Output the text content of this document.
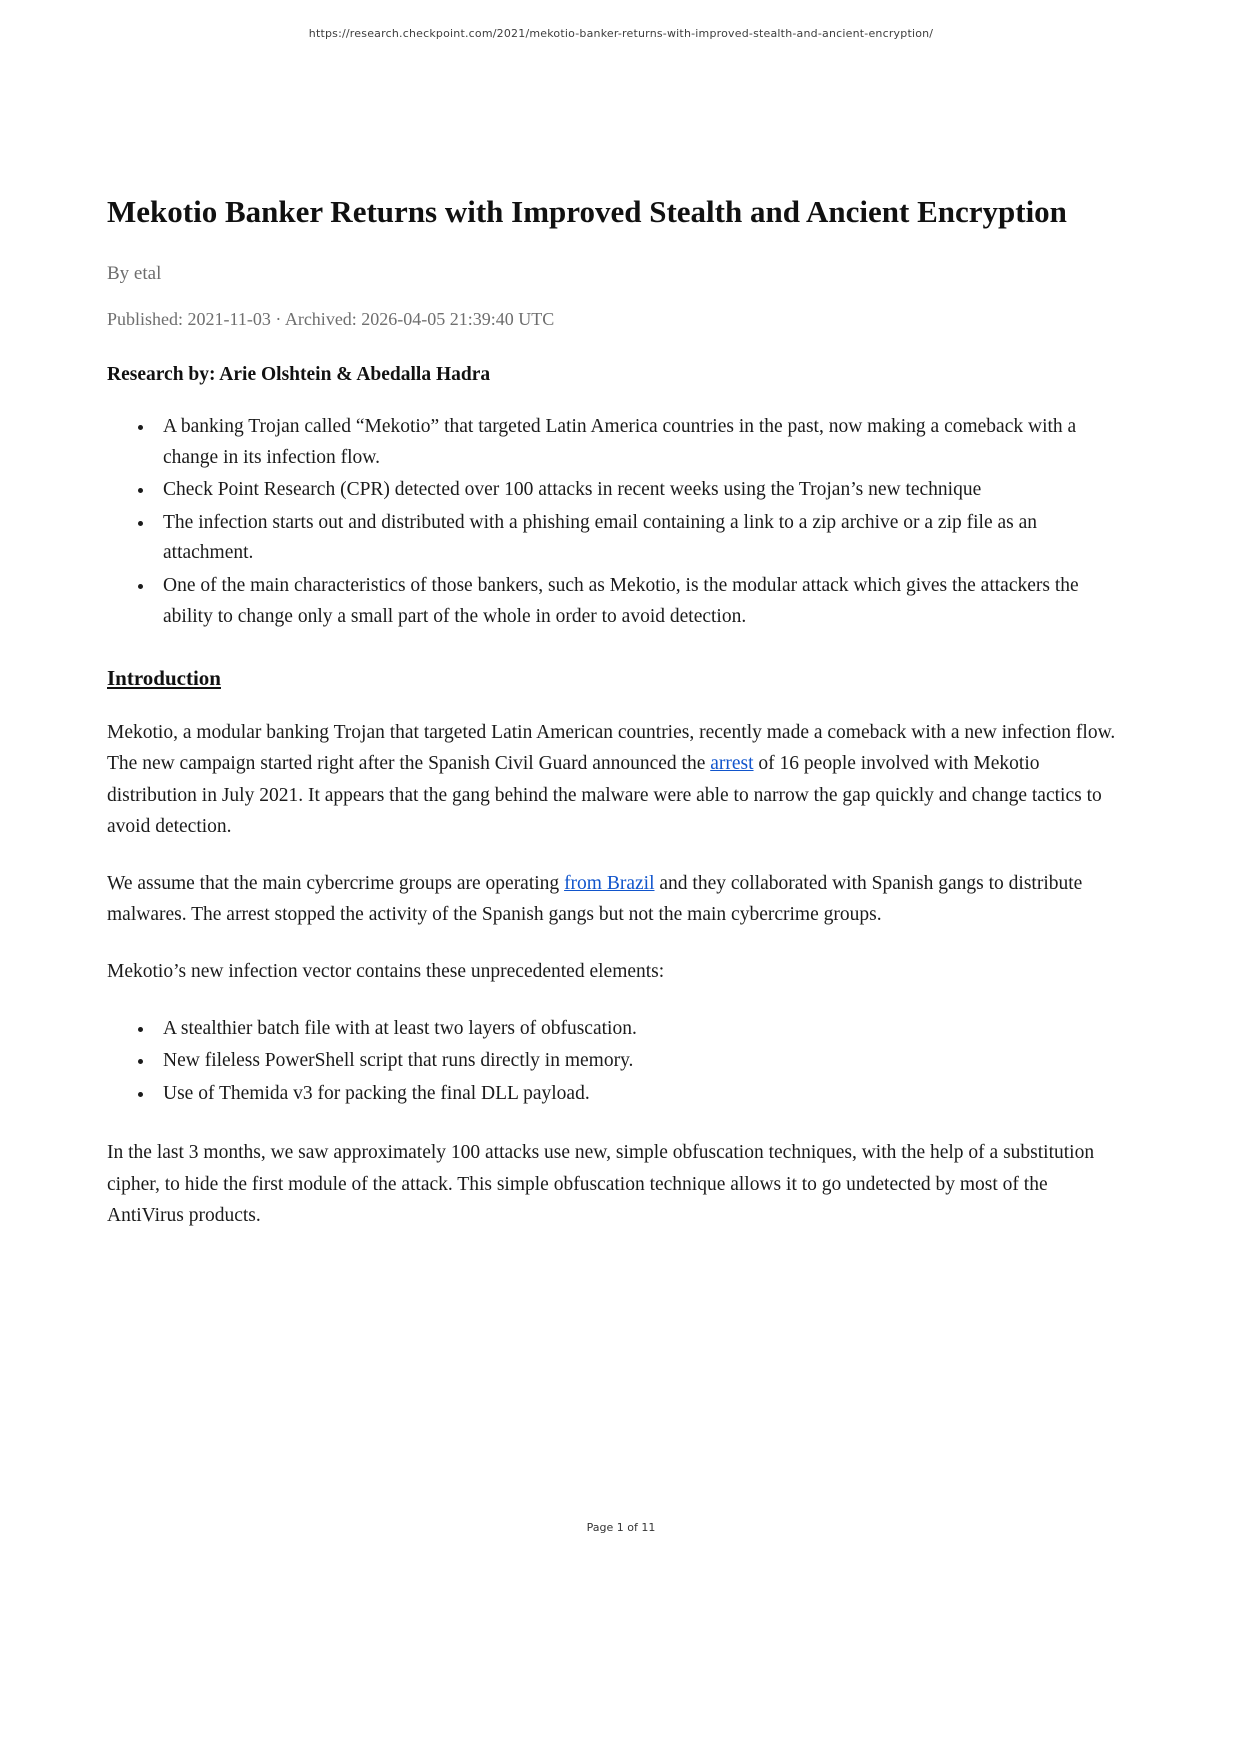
https://research.checkpoint.com/2021/mekotio-banker-returns-with-improved-stealth-and-ancient-encryption/
Mekotio Banker Returns with Improved Stealth and Ancient Encryption
By etal
Published: 2021-11-03 · Archived: 2026-04-05 21:39:40 UTC
Research by: Arie Olshtein & Abedalla Hadra
• A banking Trojan called “Mekotio” that targeted Latin America countries in the past, now making a comeback with a change in its infection flow.
• Check Point Research (CPR) detected over 100 attacks in recent weeks using the Trojan’s new technique
• The infection starts out and distributed with a phishing email containing a link to a zip archive or a zip file as an attachment.
• One of the main characteristics of those bankers, such as Mekotio, is the modular attack which gives the attackers the ability to change only a small part of the whole in order to avoid detection.
Introduction

Mekotio, a modular banking Trojan that targeted Latin American countries, recently made a comeback with a new infection flow. The new campaign started right after the Spanish Civil Guard announced the arrest of 16 people involved with Mekotio distribution in July 2021. It appears that the gang behind the malware were able to narrow the gap quickly and change tactics to avoid detection.

We assume that the main cybercrime groups are operating from Brazil and they collaborated with Spanish gangs to distribute malwares. The arrest stopped the activity of the Spanish gangs but not the main cybercrime groups.

Mekotio’s new infection vector contains these unprecedented elements:

• A stealthier batch file with at least two layers of obfuscation.
• New fileless PowerShell script that runs directly in memory.
• Use of Themida v3 for packing the final DLL payload.

In the last 3 months, we saw approximately 100 attacks use new, simple obfuscation techniques, with the help of a substitution cipher, to hide the first module of the attack. This simple obfuscation technique allows it to go undetected by most of the AntiVirus products.

Page 1 of 11
